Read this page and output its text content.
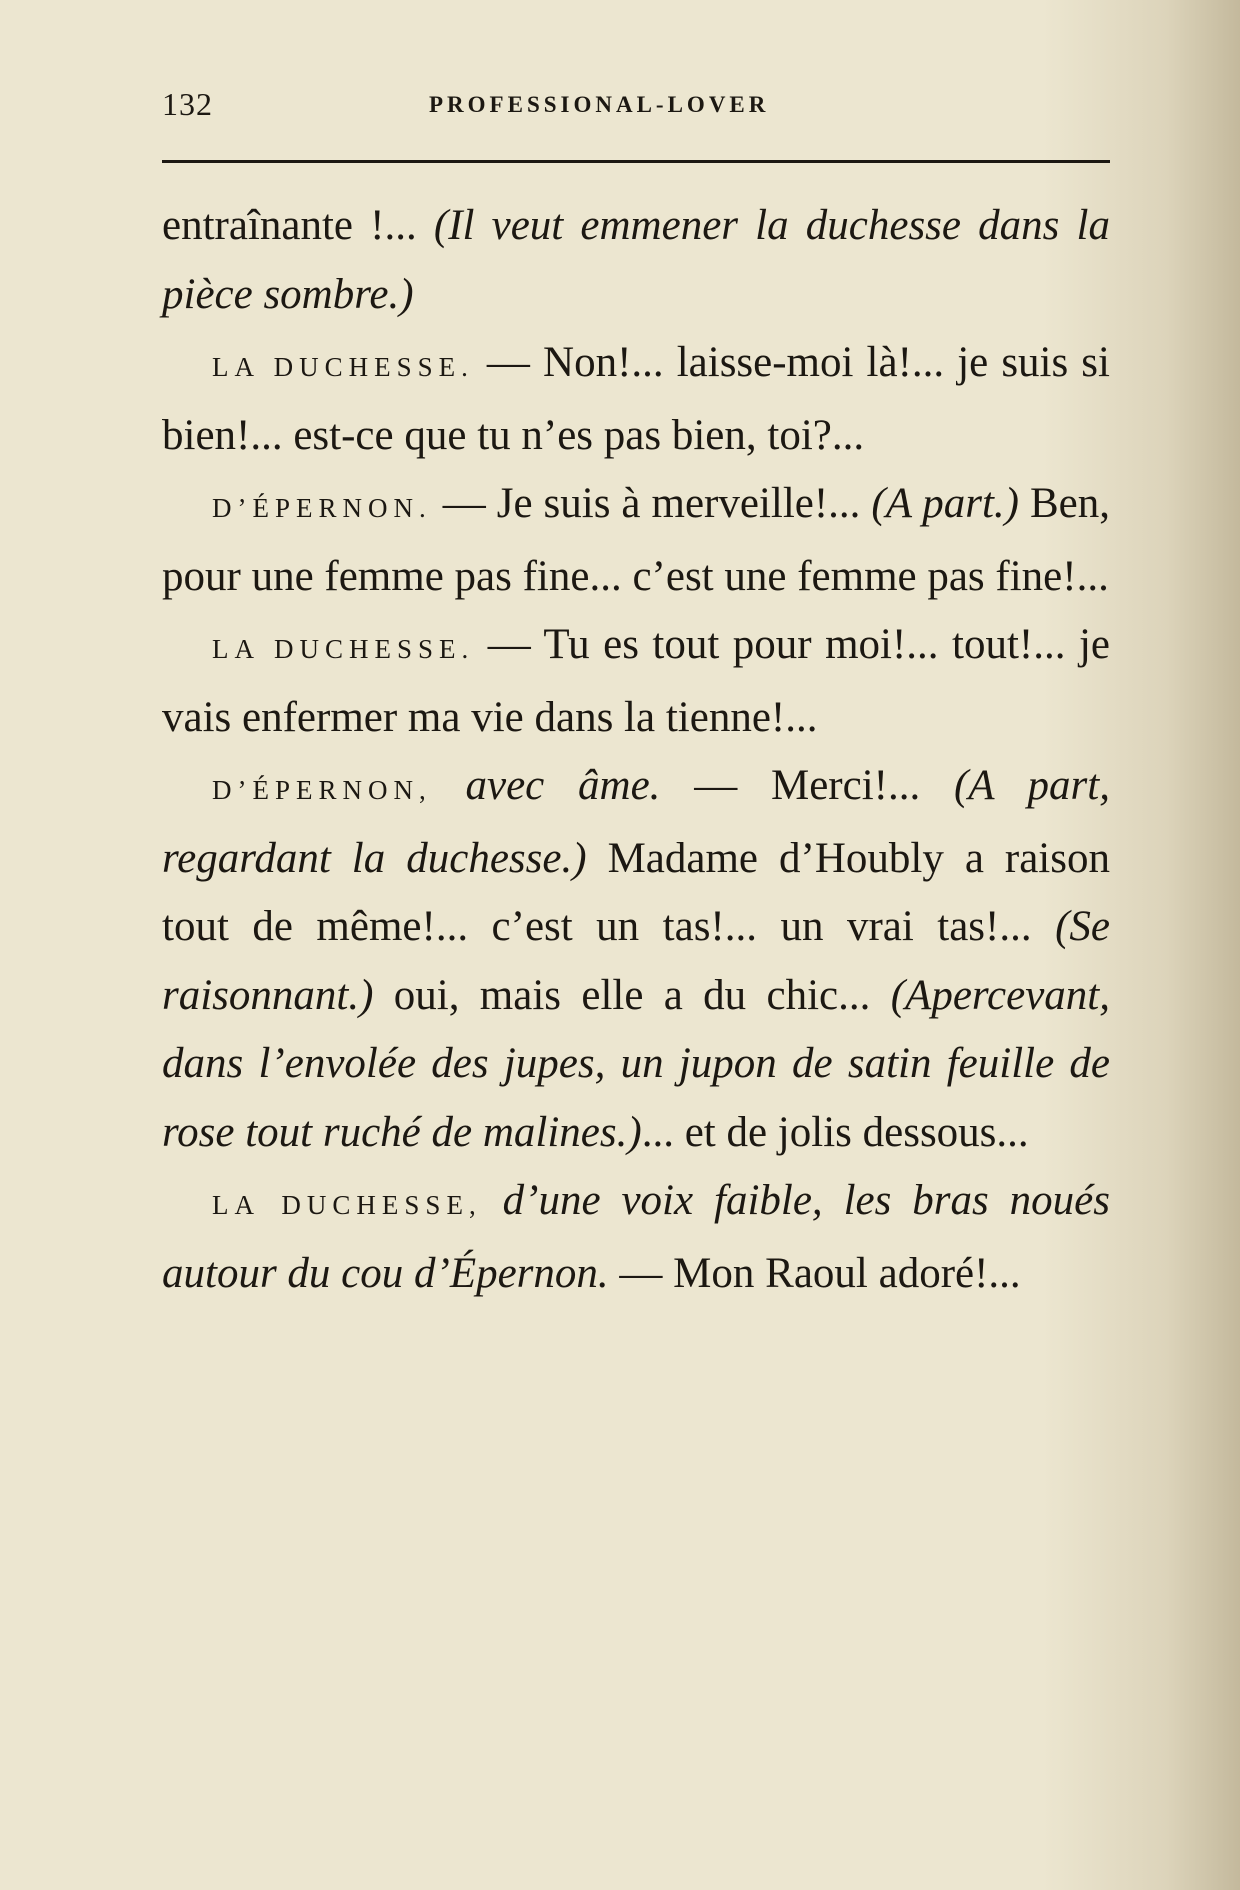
132	PROFESSIONAL-LOVER

entraînante !... (Il veut emmener la duchesse dans la pièce sombre.)

LA DUCHESSE. — Non!... laisse-moi là!... je suis si bien!... est-ce que tu n’es pas bien, toi?...

D’ÉPERNON. — Je suis à merveille!... (A part.) Ben, pour une femme pas fine... c’est une femme pas fine!...

LA DUCHESSE. — Tu es tout pour moi!... tout!... je vais enfermer ma vie dans la tienne!...

D’ÉPERNON, avec âme. — Merci!... (A part, regardant la duchesse.) Madame d’Houbly a raison tout de même!... c’est un tas!... un vrai tas!... (Se raisonnant.) oui, mais elle a du chic... (Apercevant, dans l’envolée des jupes, un jupon de satin feuille de rose tout ruché de malines.)... et de jolis dessous...

LA DUCHESSE, d’une voix faible, les bras noués autour du cou d’Épernon. — Mon Raoul adoré!...
